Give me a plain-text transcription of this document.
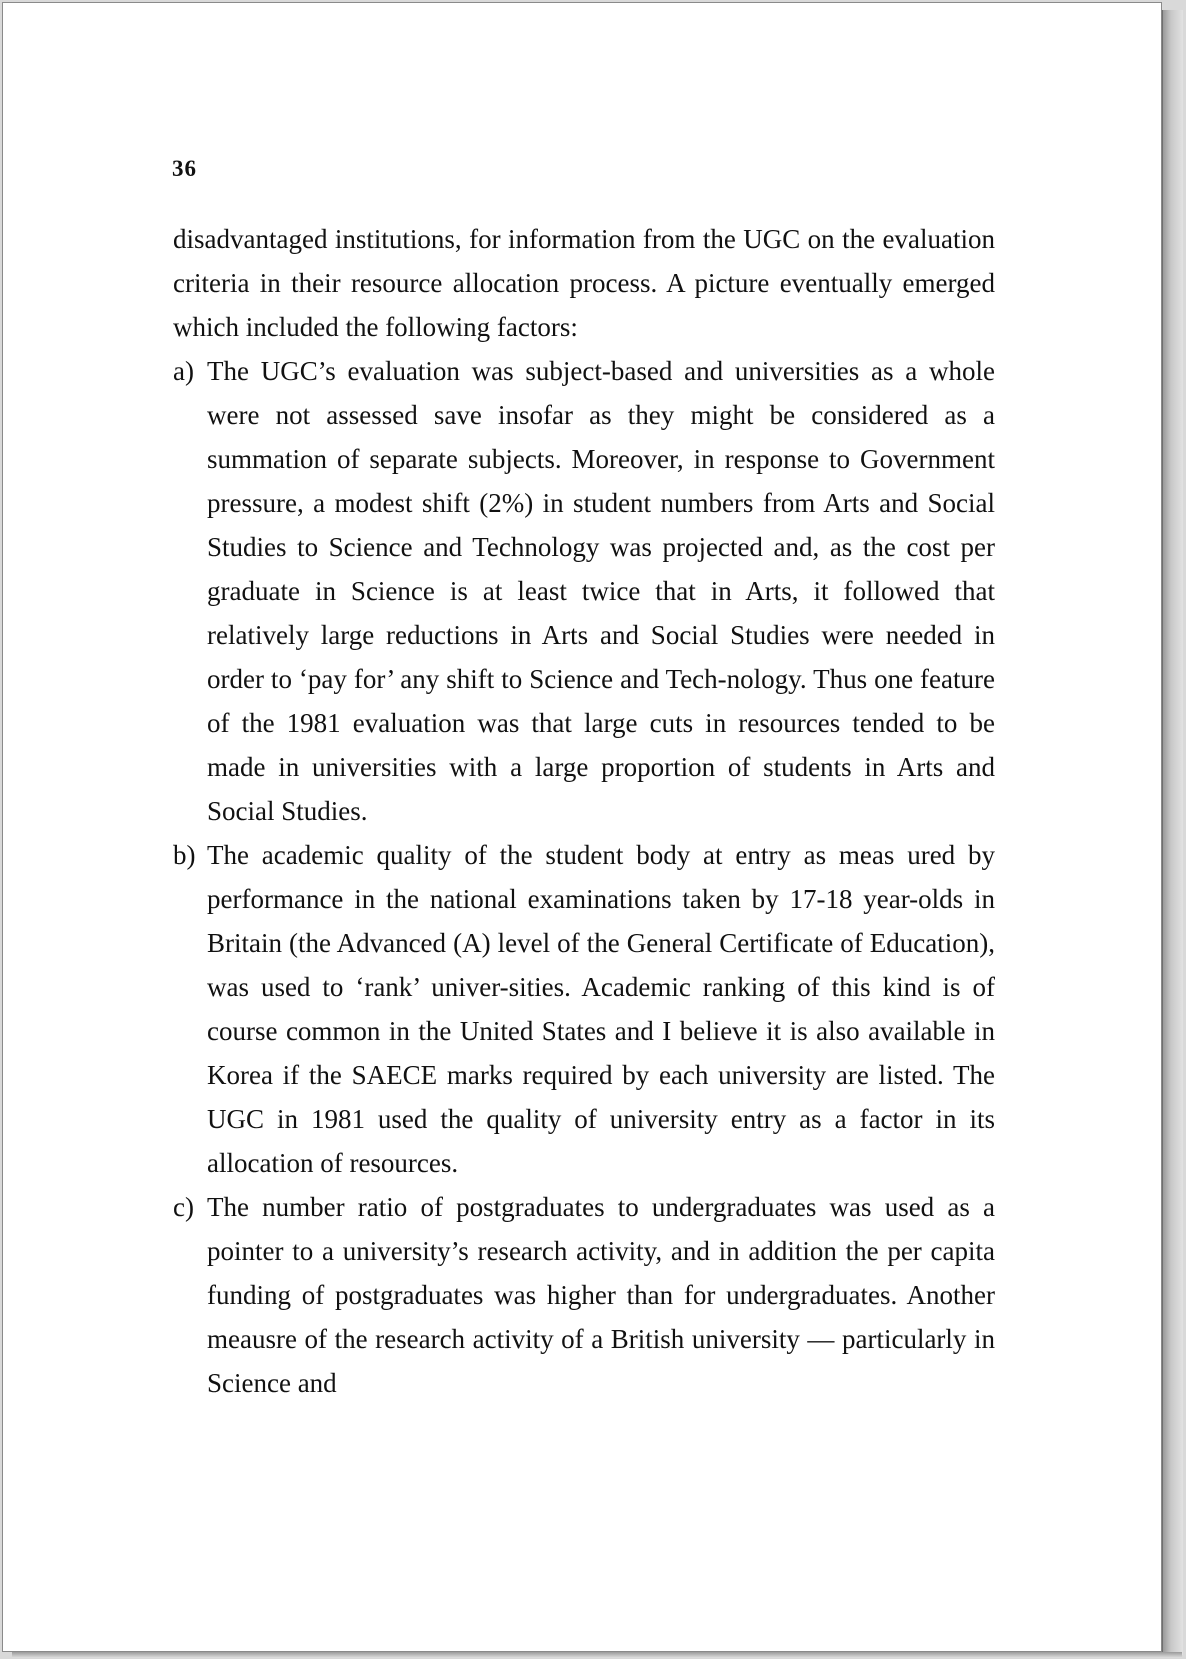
36

disadvantaged institutions, for information from the UGC on the evaluation criteria in their resource allocation process. A picture eventually emerged which included the following factors:

a) The UGC’s evaluation was subject-based and universities as a whole were not assessed save insofar as they might be considered as a summation of separate subjects. Moreover, in response to Government pressure, a modest shift (2%) in student numbers from Arts and Social Studies to Science and Technology was projected and, as the cost per graduate in Science is at least twice that in Arts, it followed that relatively large reductions in Arts and Social Studies were needed in order to ‘pay for’ any shift to Science and Tech-nology. Thus one feature of the 1981 evaluation was that large cuts in resources tended to be made in universities with a large proportion of students in Arts and Social Studies.
b) The academic quality of the student body at entry as meas ured by performance in the national examinations taken by 17-18 year-olds in Britain (the Advanced (A) level of the General Certificate of Education), was used to ‘rank’ univer-sities. Academic ranking of this kind is of course common in the United States and I believe it is also available in Korea if the SAECE marks required by each university are listed. The UGC in 1981 used the quality of university entry as a factor in its allocation of resources.
c) The number ratio of postgraduates to undergraduates was used as a pointer to a university’s research activity, and in addition the per capita funding of postgraduates was higher than for undergraduates. Another meausre of the research activity of a British university — particularly in Science and
